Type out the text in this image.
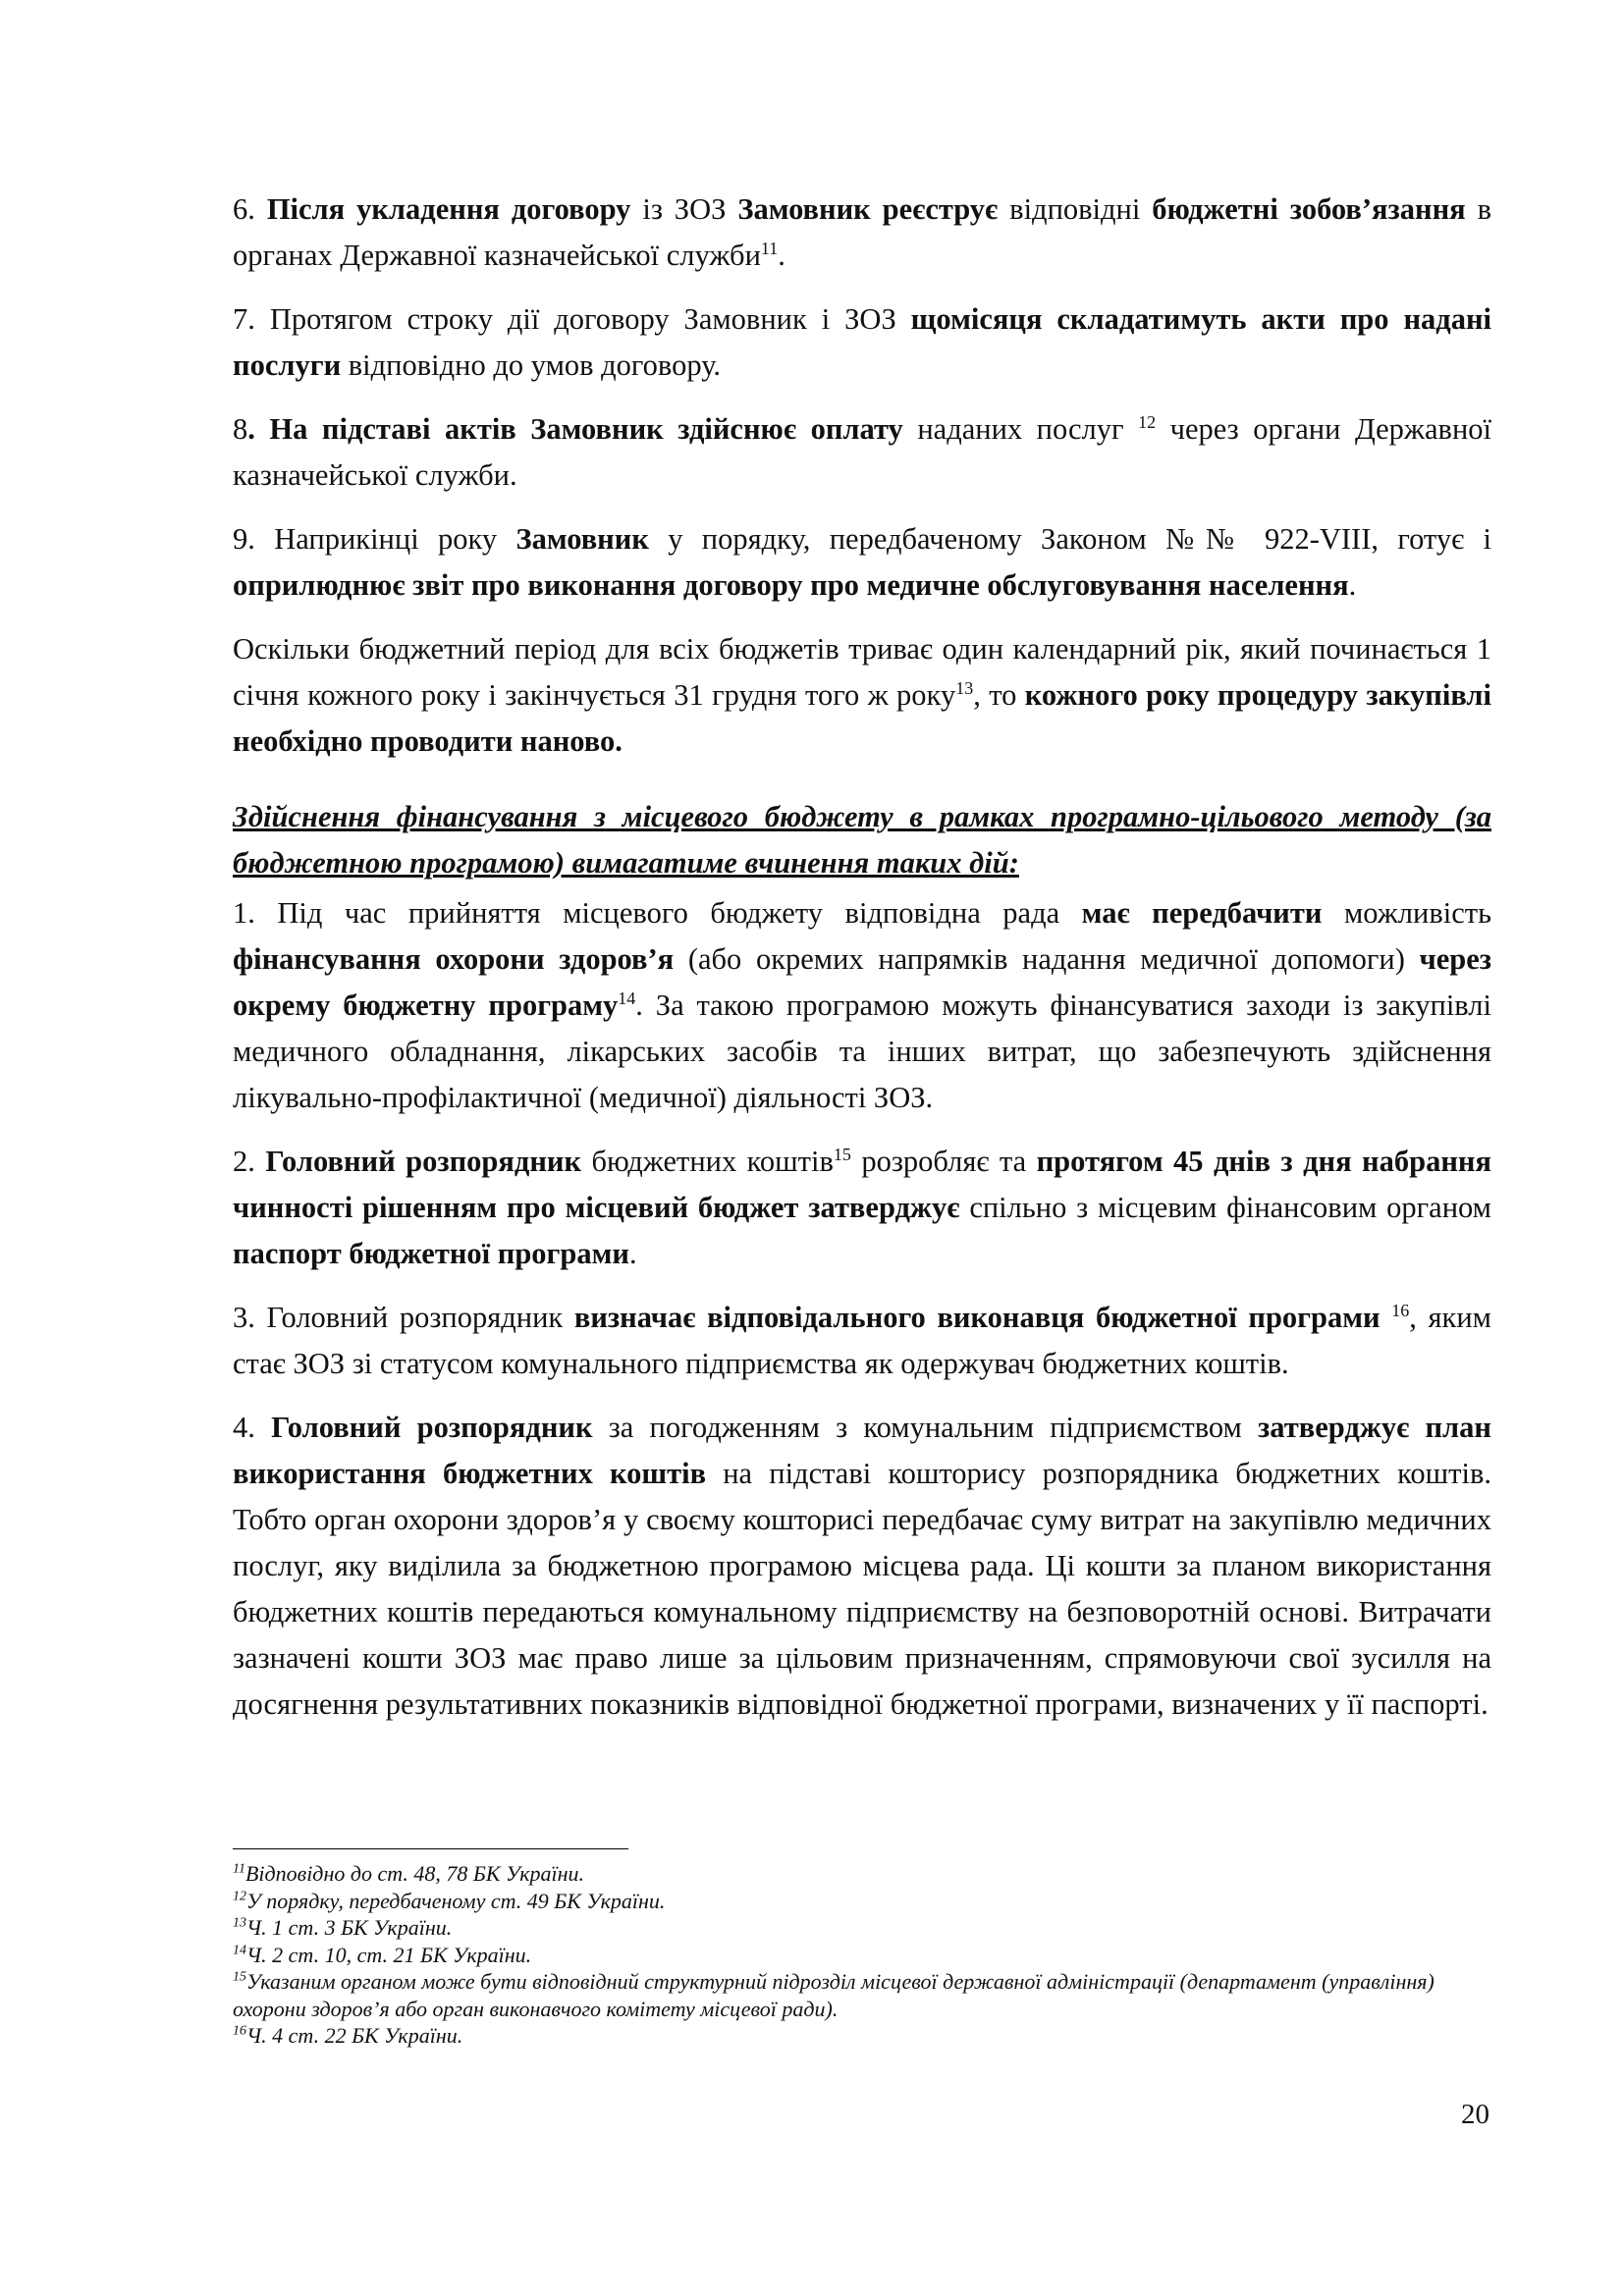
6. Після укладення договору із ЗОЗ Замовник реєструє відповідні бюджетні зобов’язання в органах Державної казначейської служби$^{11}$.

7. Протягом строку дії договору Замовник і ЗОЗ щомісяця складатимуть акти про надані послуги відповідно до умов договору.

8. На підставі актів Замовник здійснює оплату наданих послуг $^{12}$ через органи Державної казначейської служби.

9. Наприкінці року Замовник у порядку, передбаченому Законом №№ 922-VIII, готує і оприлюднює звіт про виконання договору про медичне обслуговування населення.

Оскільки бюджетний період для всіх бюджетів триває один календарний рік, який починається 1 січня кожного року і закінчується 31 грудня того ж року$^{13}$, то кожного року процедуру закупівлі необхідно проводити наново.

Здійснення фінансування з місцевого бюджету в рамках програмно-цільового методу (за бюджетною програмою) вимагатиме вчинення таких дій:

1. Під час прийняття місцевого бюджету відповідна рада має передбачити можливість фінансування охорони здоров’я (або окремих напрямків надання медичної допомоги) через окрему бюджетну програму$^{14}$. За такою програмою можуть фінансуватися заходи із закупівлі медичного обладнання, лікарських засобів та інших витрат, що забезпечують здійснення лікувально-профілактичної (медичної) діяльності ЗОЗ.

2. Головний розпорядник бюджетних коштів$^{15}$ розробляє та протягом 45 днів з дня набрання чинності рішенням про місцевий бюджет затверджує спільно з місцевим фінансовим органом паспорт бюджетної програми.

3. Головний розпорядник визначає відповідального виконавця бюджетної програми $^{16}$, яким стає ЗОЗ зі статусом комунального підприємства як одержувач бюджетних коштів.

4. Головний розпорядник за погодженням з комунальним підприємством затверджує план використання бюджетних коштів на підставі кошторису розпорядника бюджетних коштів. Тобто орган охорони здоров’я у своєму кошторисі передбачає суму витрат на закупівлю медичних послуг, яку виділила за бюджетною програмою місцева рада. Ці кошти за планом використання бюджетних коштів передаються комунальному підприємству на безповоротній основі. Витрачати зазначені кошти ЗОЗ має право лише за цільовим призначенням, спрямовуючи свої зусилля на досягнення результативних показників відповідної бюджетної програми, визначених у її паспорті.

$^{11}$Відповідно до ст. 48, 78 БК України.

$^{12}$У порядку, передбаченому ст. 49 БК України.

$^{13}$Ч. 1 ст. 3 БК України.

$^{14}$Ч. 2 ст. 10, ст. 21 БК України.

$^{15}$Указаним органом може бути відповідний структурний підрозділ місцевої державної адміністрації (департамент (управління) охорони здоров’я або орган виконавчого комітету місцевої ради).

$^{16}$Ч. 4 ст. 22 БК України.

20
